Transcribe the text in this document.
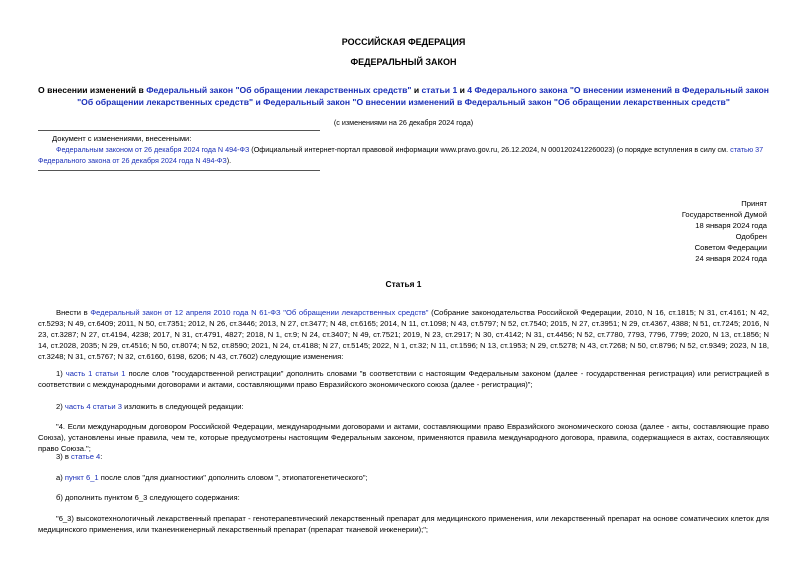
РОССИЙСКАЯ ФЕДЕРАЦИЯ
ФЕДЕРАЛЬНЫЙ ЗАКОН
О внесении изменений в Федеральный закон "Об обращении лекарственных средств" и статьи 1 и 4 Федерального закона "О внесении изменений в Федеральный закон "Об обращении лекарственных средств" и Федеральный закон "О внесении изменений в Федеральный закон "Об обращении лекарственных средств"
(с изменениями на 26 декабря 2024 года)
Документ с изменениями, внесенными:
Федеральным законом от 26 декабря 2024 года N 494-ФЗ (Официальный интернет-портал правовой информации www.pravo.gov.ru, 26.12.2024, N 0001202412260023) (о порядке вступления в силу см. статью 37 Федерального закона от 26 декабря 2024 года N 494-ФЗ).
Принят
Государственной Думой
18 января 2024 года
Одобрен
Советом Федерации
24 января 2024 года
Статья 1
Внести в Федеральный закон от 12 апреля 2010 года N 61-ФЗ "Об обращении лекарственных средств" (Собрание законодательства Российской Федерации, 2010, N 16, ст.1815; N 31, ст.4161; N 42, ст.5293; N 49, ст.6409; 2011, N 50, ст.7351; 2012, N 26, ст.3446; 2013, N 27, ст.3477; N 48, ст.6165; 2014, N 11, ст.1098; N 43, ст.5797; N 52, ст.7540; 2015, N 27, ст.3951; N 29, ст.4367, 4388; N 51, ст.7245; 2016, N 23, ст.3287; N 27, ст.4194, 4238; 2017, N 31, ст.4791, 4827; 2018, N 1, ст.9; N 24, ст.3407; N 49, ст.7521; 2019, N 23, ст.2917; N 30, ст.4142; N 31, ст.4456; N 52, ст.7780, 7793, 7796, 7799; 2020, N 13, ст.1856; N 14, ст.2028, 2035; N 29, ст.4516; N 50, ст.8074; N 52, ст.8590; 2021, N 24, ст.4188; N 27, ст.5145; 2022, N 1, ст.32; N 11, ст.1596; N 13, ст.1953; N 29, ст.5278; N 43, ст.7268; N 50, ст.8796; N 52, ст.9349; 2023, N 18, ст.3248; N 31, ст.5767; N 32, ст.6160, 6198, 6206; N 43, ст.7602) следующие изменения:
1) часть 1 статьи 1 после слов "государственной регистрации" дополнить словами "в соответствии с настоящим Федеральным законом (далее - государственная регистрация) или регистрацией в соответствии с международными договорами и актами, составляющими право Евразийского экономического союза (далее - регистрация)";
2) часть 4 статьи 3 изложить в следующей редакции:
"4. Если международным договором Российской Федерации, международными договорами и актами, составляющими право Евразийского экономического союза (далее - акты, составляющие право Союза), установлены иные правила, чем те, которые предусмотрены настоящим Федеральным законом, применяются правила международного договора, правила, содержащиеся в актах, составляющих право Союза.";
3) в статье 4:
а) пункт 6_1 после слов "для диагностики" дополнить словом ", этиопатогенетического";
б) дополнить пунктом 6_3 следующего содержания:
"6_3) высокотехнологичный лекарственный препарат - генотерапевтический лекарственный препарат для медицинского применения, или лекарственный препарат на основе соматических клеток для медицинского применения, или тканеинженерный лекарственный препарат (препарат тканевой инженерии);";
